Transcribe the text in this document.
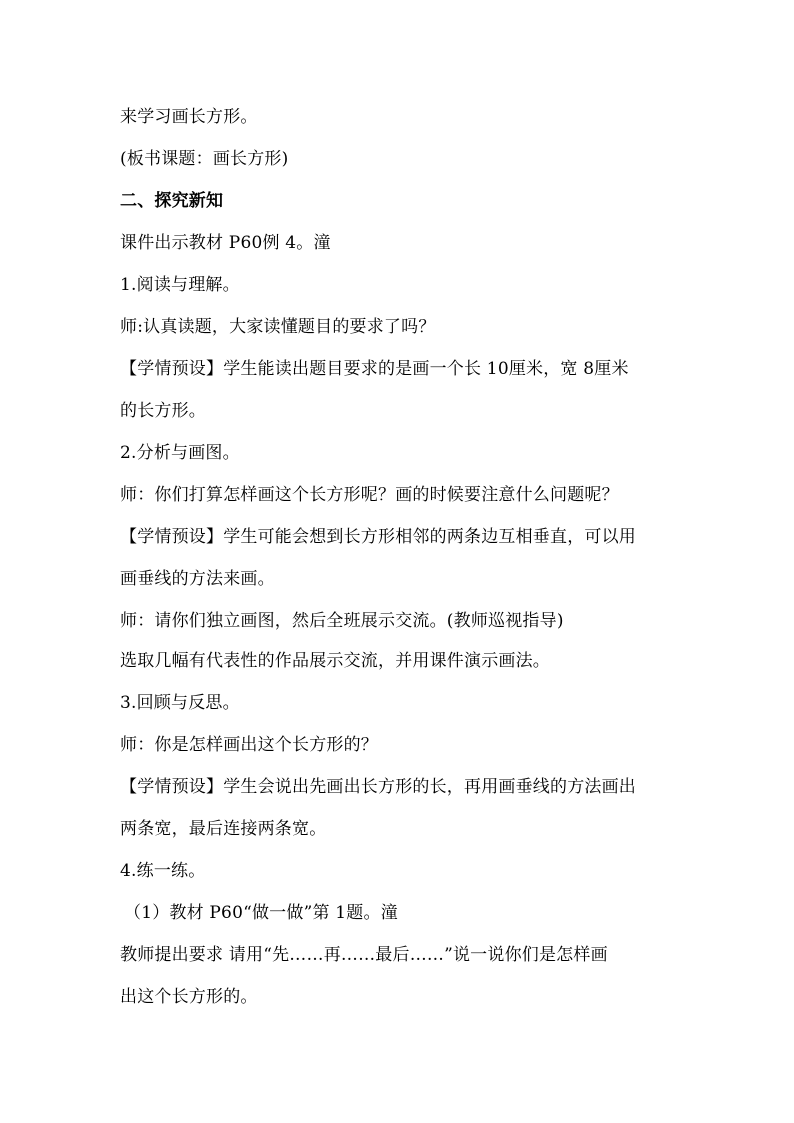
来学习画长方形。
(板书课题：画长方形)
二、探究新知
课件出示教材 P60例 4。潼
1.阅读与理解。
师:认真读题，大家读懂题目的要求了吗？
【学情预设】学生能读出题目要求的是画一个长 10厘米，宽 8厘米
的长方形。
2.分析与画图。
师：你们打算怎样画这个长方形呢？画的时候要注意什么问题呢？
【学情预设】学生可能会想到长方形相邻的两条边互相垂直，可以用
画垂线的方法来画。
师：请你们独立画图，然后全班展示交流。(教师巡视指导)
选取几幅有代表性的作品展示交流，并用课件演示画法。
3.回顾与反思。
师：你是怎样画出这个长方形的？
【学情预设】学生会说出先画出长方形的长，再用画垂线的方法画出
两条宽，最后连接两条宽。
4.练一练。
（1）教材 P60“做一做”第 1题。潼
教师提出要求 请用“先……再……最后……”说一说你们是怎样画
出这个长方形的。
